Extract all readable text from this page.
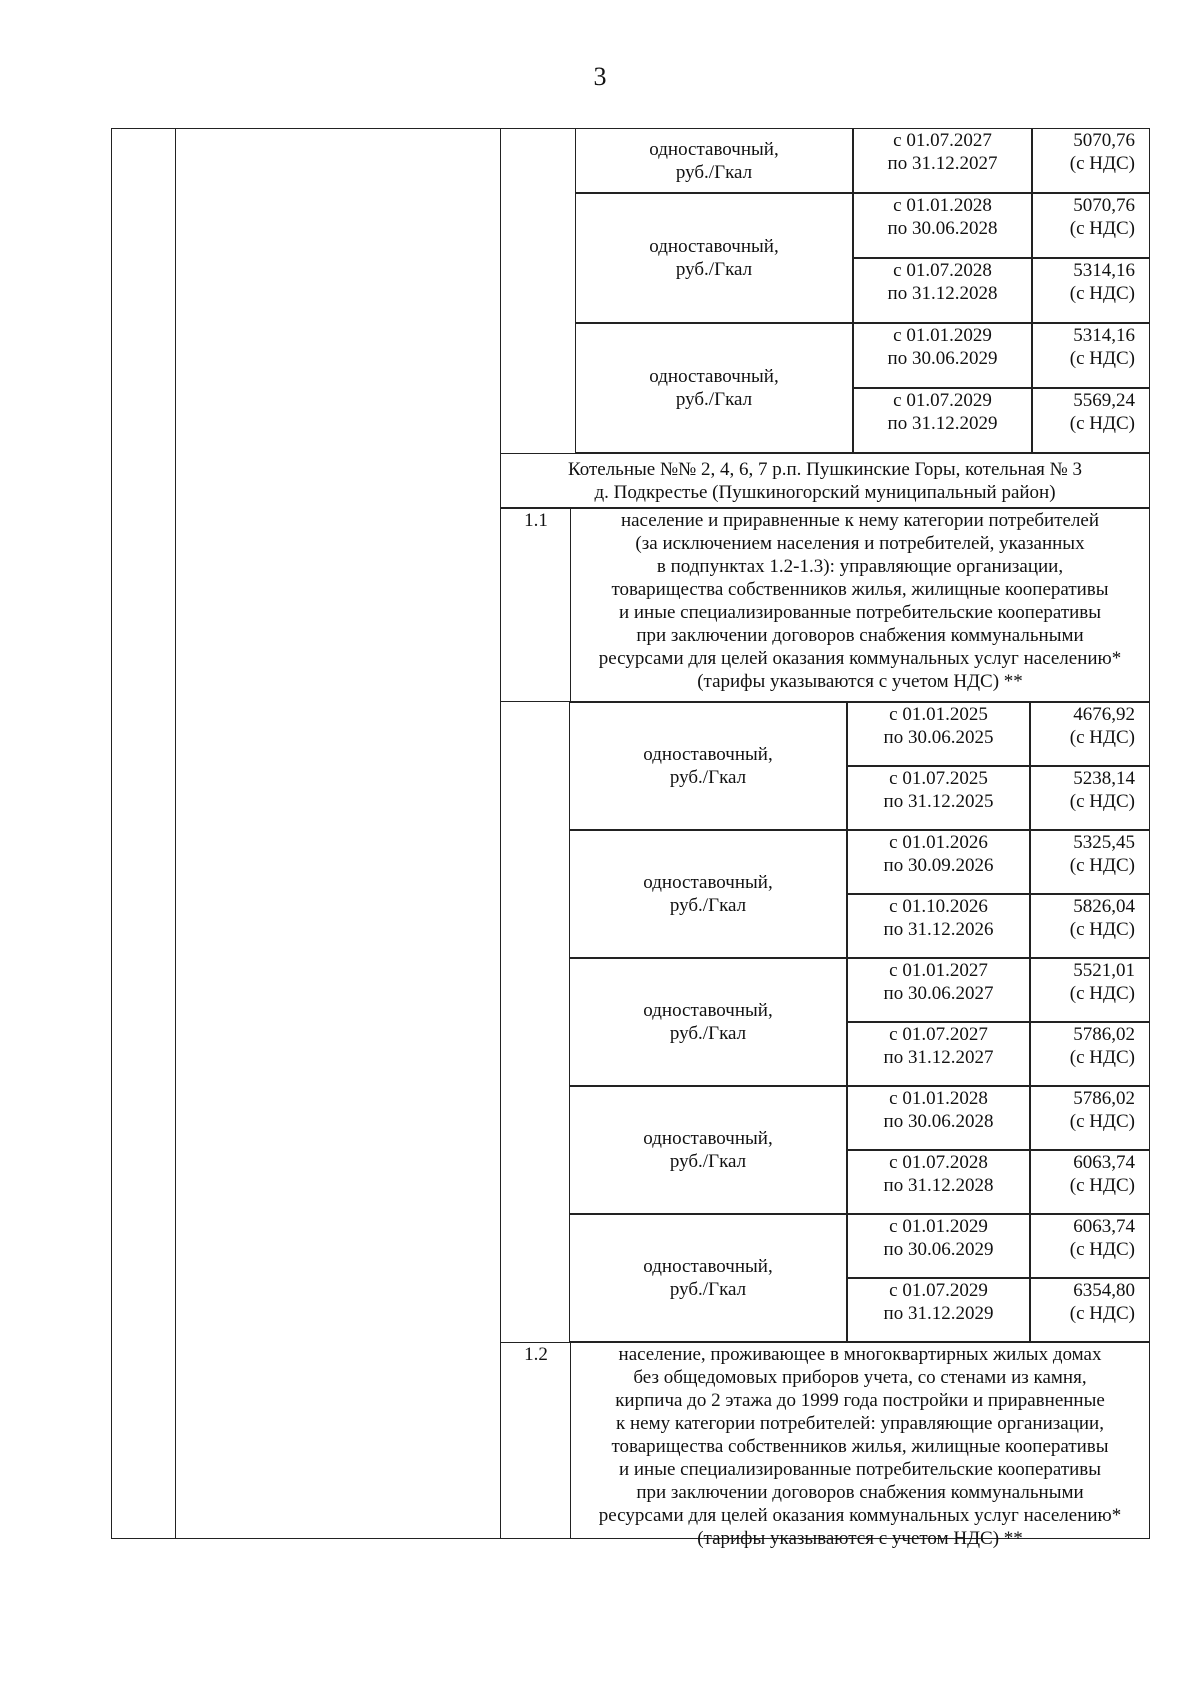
3
одноставочный,
руб./Гкал
с 01.07.2027
по 31.12.2027
5070,76
(с НДС)
одноставочный,
руб./Гкал
с 01.01.2028
по 30.06.2028
5070,76
(с НДС)
с 01.07.2028
по 31.12.2028
5314,16
(с НДС)
одноставочный,
руб./Гкал
с 01.01.2029
по 30.06.2029
5314,16
(с НДС)
с 01.07.2029
по 31.12.2029
5569,24
(с НДС)
Котельные №№ 2, 4, 6, 7 р.п. Пушкинские Горы, котельная № 3
д. Подкрестье (Пушкиногорский муниципальный район)
1.1	население и приравненные к нему категории потребителей
(за исключением населения и потребителей, указанных
в подпунктах 1.2-1.3): управляющие организации,
товарищества собственников жилья, жилищные кооперативы
и иные специализированные потребительские кооперативы
при заключении договоров снабжения коммунальными
ресурсами для целей оказания коммунальных услуг населению*
(тарифы указываются с учетом НДС) **
одноставочный,
руб./Гкал
с 01.01.2025
по 30.06.2025
4676,92
(с НДС)
с 01.07.2025
по 31.12.2025
5238,14
(с НДС)
одноставочный,
руб./Гкал
с 01.01.2026
по 30.09.2026
5325,45
(с НДС)
с 01.10.2026
по 31.12.2026
5826,04
(с НДС)
одноставочный,
руб./Гкал
с 01.01.2027
по 30.06.2027
5521,01
(с НДС)
с 01.07.2027
по 31.12.2027
5786,02
(с НДС)
одноставочный,
руб./Гкал
с 01.01.2028
по 30.06.2028
5786,02
(с НДС)
с 01.07.2028
по 31.12.2028
6063,74
(с НДС)
одноставочный,
руб./Гкал
с 01.01.2029
по 30.06.2029
6063,74
(с НДС)
с 01.07.2029
по 31.12.2029
6354,80
(с НДС)
1.2	население, проживающее в многоквартирных жилых домах
без общедомовых приборов учета, со стенами из камня,
кирпича до 2 этажа до 1999 года постройки и приравненные
к нему категории потребителей: управляющие организации,
товарищества собственников жилья, жилищные кооперативы
и иные специализированные потребительские кооперативы
при заключении договоров снабжения коммунальными
ресурсами для целей оказания коммунальных услуг населению*
(тарифы указываются с учетом НДС) **
